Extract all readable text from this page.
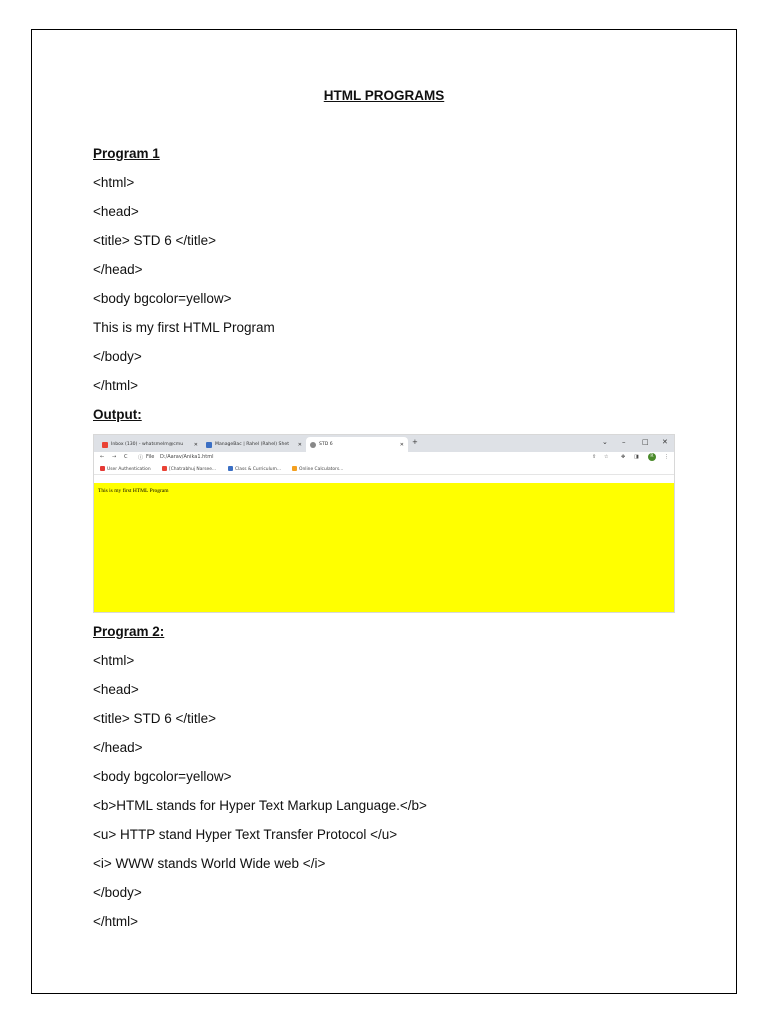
HTML PROGRAMS
Program 1
<html>
<head>
<title> STD 6 </title>
</head>
<body bgcolor=yellow>
This is my first HTML Program
</body>
</html>
Output:
Inbox (130) - whatsmelm@cmu ✕	ManageBac | Rahel (Rahel) Shet ✕	STD 6	✕ +	⌄ – □ ✕
← → C ⓘ File D:/Aarav/Anika1.html	⇪ ☆	✥ ◨	R	⋮
User Authentication	[Chatrabhuj Narsee...	Class & Curriculum...	Online Calculators...
This is my first HTML Program
Program 2:
<html>
<head>
<title> STD 6 </title>
</head>
<body bgcolor=yellow>
<b>HTML stands for Hyper Text Markup Language.</b>
<u> HTTP stand Hyper Text Transfer Protocol </u>
<i> WWW stands World Wide web </i>
</body>
</html>
